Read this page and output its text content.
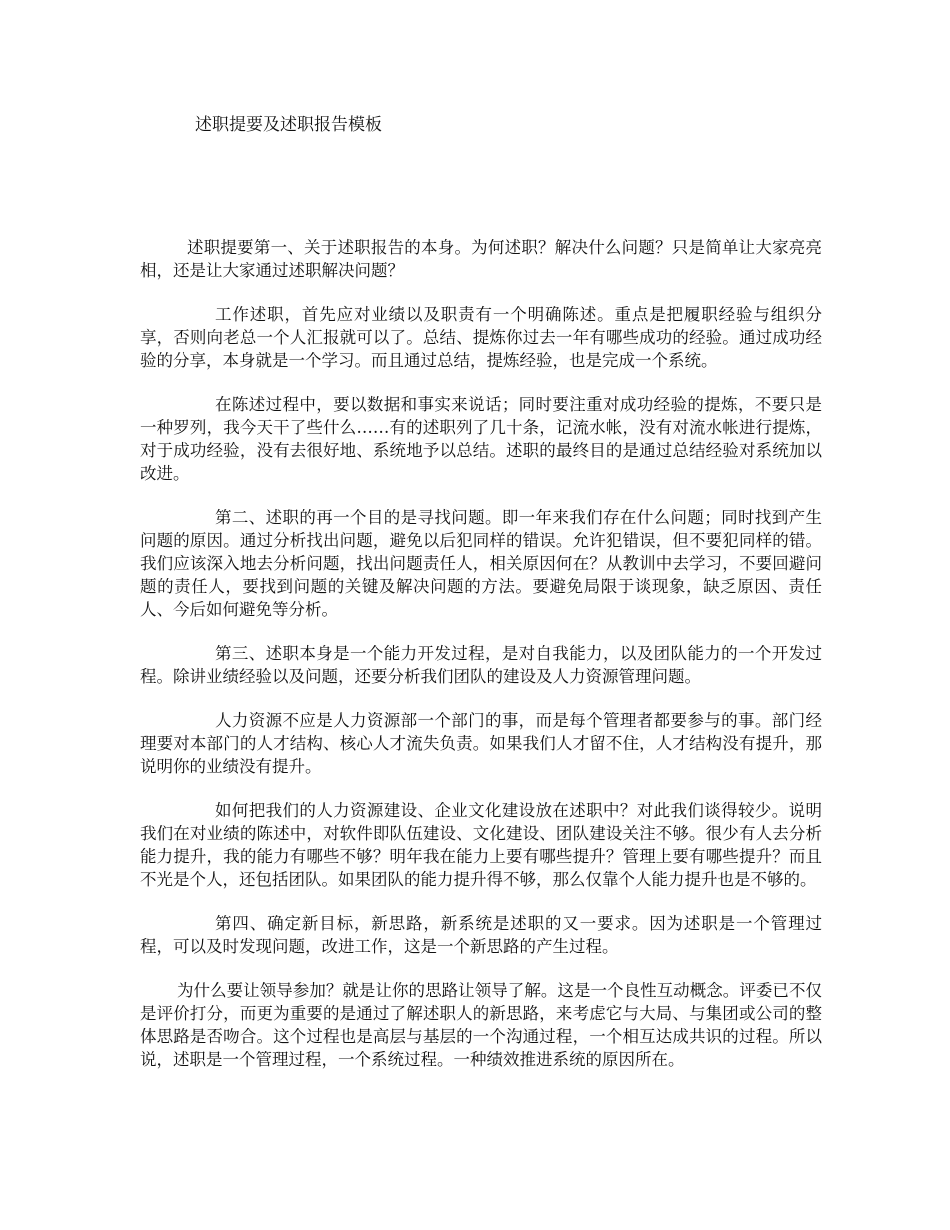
述职提要及述职报告模板

述职提要第一、关于述职报告的本身。为何述职？解决什么问题？只是简单让大家亮亮相，还是让大家通过述职解决问题？

工作述职，首先应对业绩以及职责有一个明确陈述。重点是把履职经验与组织分享，否则向老总一个人汇报就可以了。总结、提炼你过去一年有哪些成功的经验。通过成功经验的分享，本身就是一个学习。而且通过总结，提炼经验，也是完成一个系统。

在陈述过程中，要以数据和事实来说话；同时要注重对成功经验的提炼，不要只是一种罗列，我今天干了些什么……有的述职列了几十条，记流水帐，没有对流水帐进行提炼，对于成功经验，没有去很好地、系统地予以总结。述职的最终目的是通过总结经验对系统加以改进。

第二、述职的再一个目的是寻找问题。即一年来我们存在什么问题；同时找到产生问题的原因。通过分析找出问题，避免以后犯同样的错误。允许犯错误，但不要犯同样的错。我们应该深入地去分析问题，找出问题责任人，相关原因何在？从教训中去学习，不要回避问题的责任人，要找到问题的关键及解决问题的方法。要避免局限于谈现象，缺乏原因、责任人、今后如何避免等分析。

第三、述职本身是一个能力开发过程，是对自我能力，以及团队能力的一个开发过程。除讲业绩经验以及问题，还要分析我们团队的建设及人力资源管理问题。

人力资源不应是人力资源部一个部门的事，而是每个管理者都要参与的事。部门经理要对本部门的人才结构、核心人才流失负责。如果我们人才留不住，人才结构没有提升，那说明你的业绩没有提升。

如何把我们的人力资源建设、企业文化建设放在述职中？对此我们谈得较少。说明我们在对业绩的陈述中，对软件即队伍建设、文化建设、团队建设关注不够。很少有人去分析能力提升，我的能力有哪些不够？明年我在能力上要有哪些提升？管理上要有哪些提升？而且不光是个人，还包括团队。如果团队的能力提升得不够，那么仅靠个人能力提升也是不够的。

第四、确定新目标，新思路，新系统是述职的又一要求。因为述职是一个管理过程，可以及时发现问题，改进工作，这是一个新思路的产生过程。

为什么要让领导参加？就是让你的思路让领导了解。这是一个良性互动概念。评委已不仅是评价打分，而更为重要的是通过了解述职人的新思路，来考虑它与大局、与集团或公司的整体思路是否吻合。这个过程也是高层与基层的一个沟通过程，一个相互达成共识的过程。所以说，述职是一个管理过程，一个系统过程。一种绩效推进系统的原因所在。
